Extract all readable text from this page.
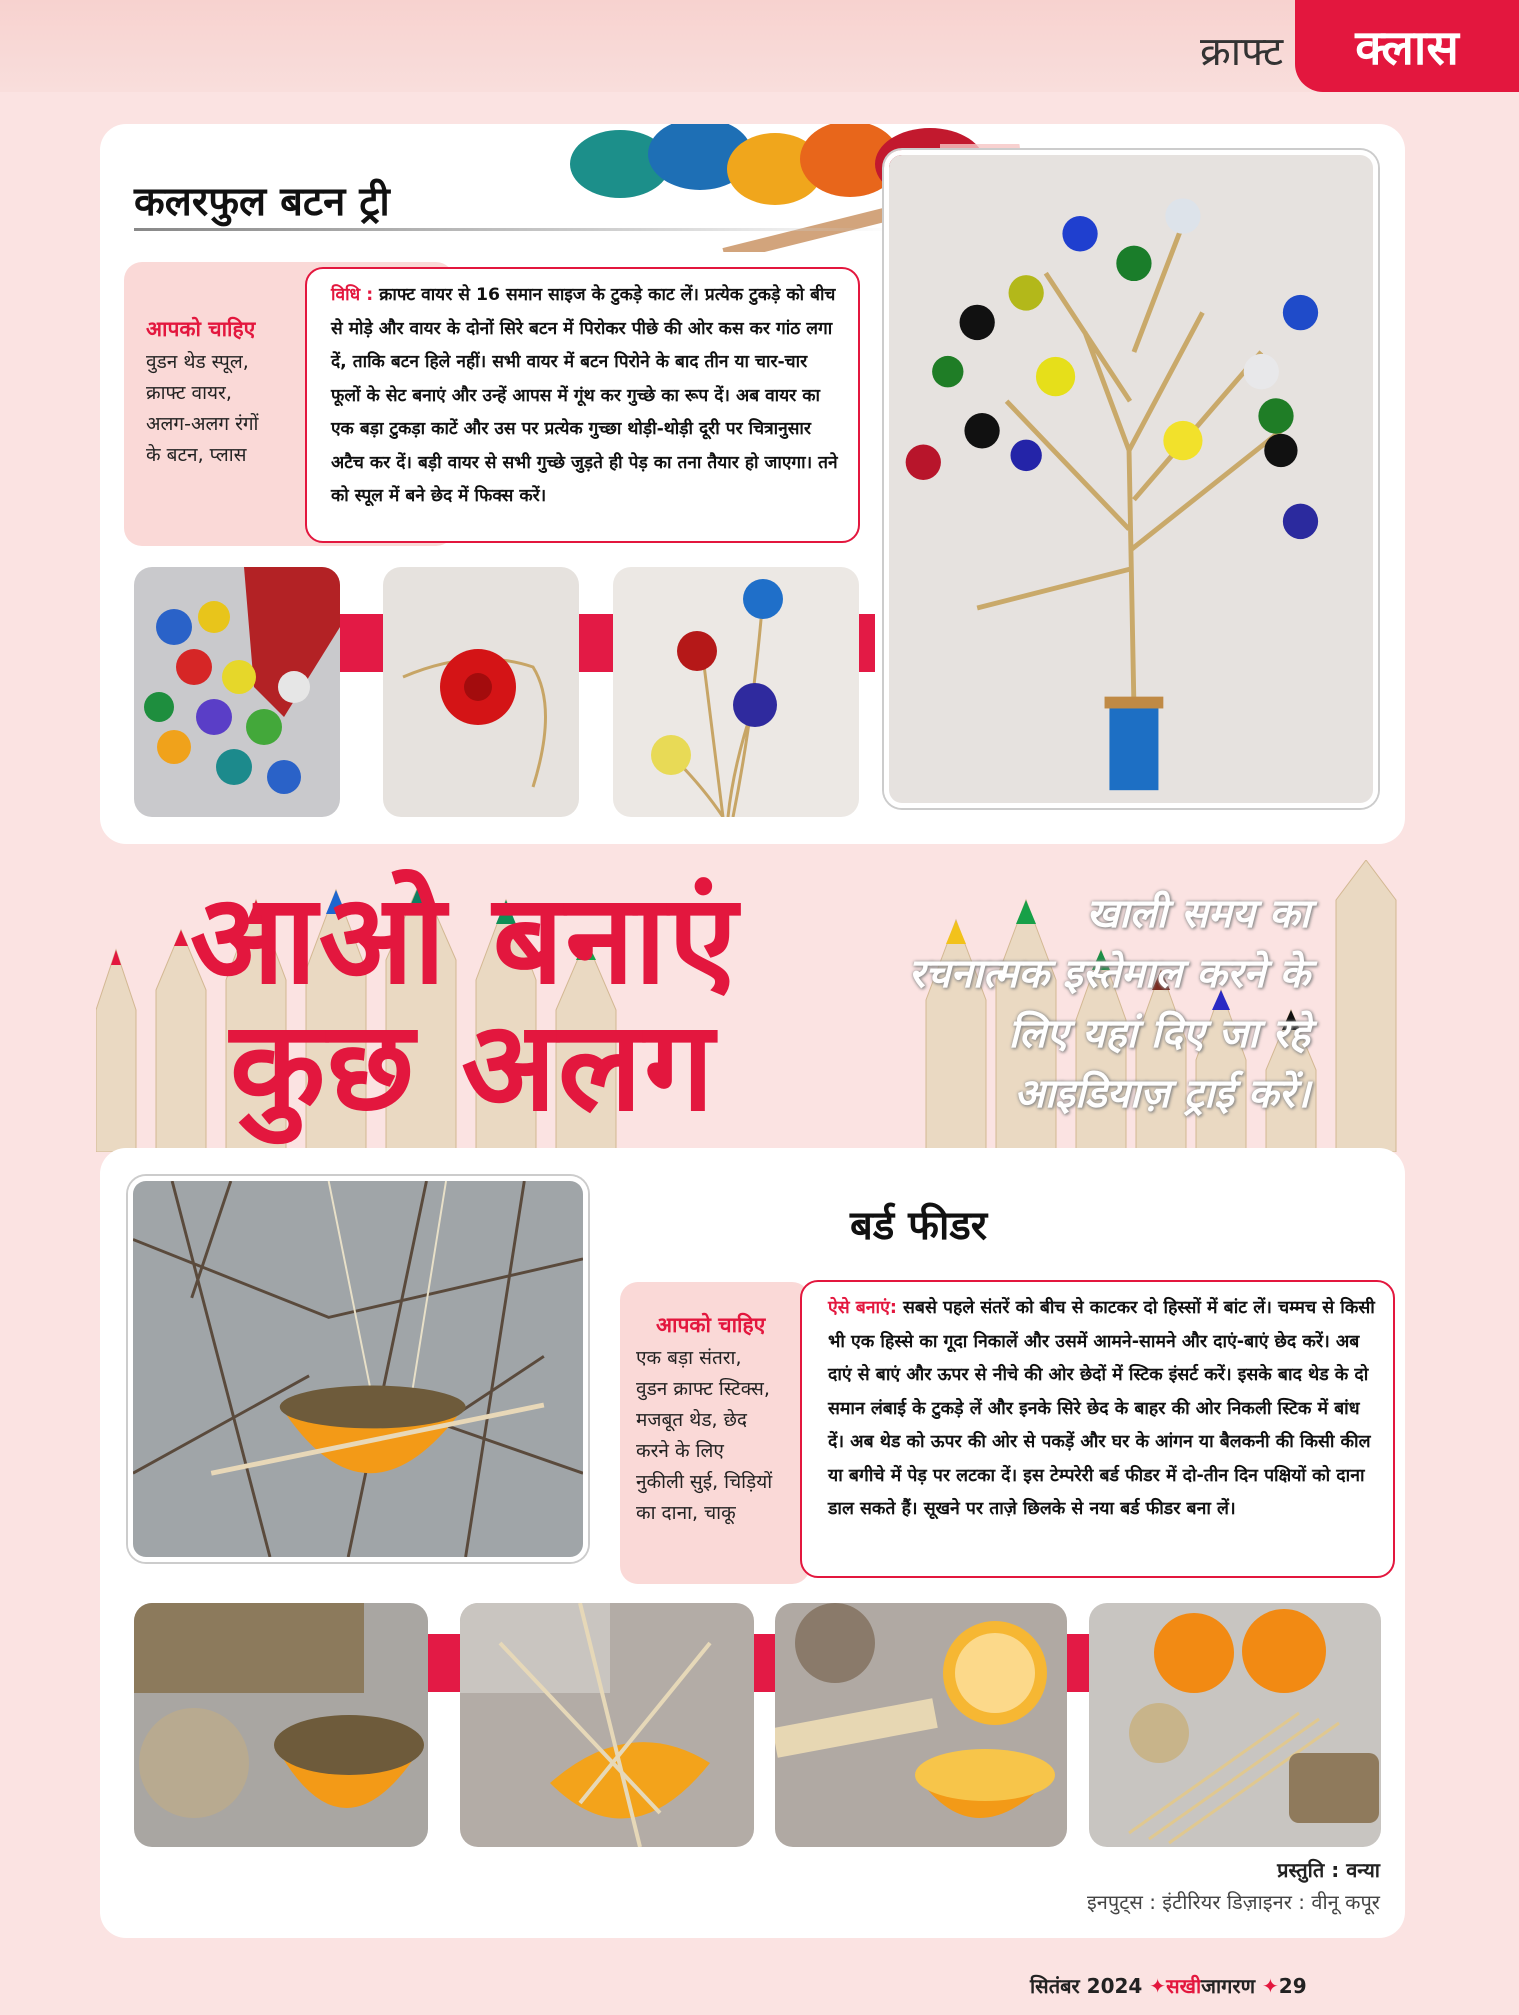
क्राफ्ट	क्लास
कलरफुल बटन ट्री
आपको चाहिए
वुडन थेड स्पूल,
क्राफ्ट वायर,
अलग-अलग रंगों
के बटन, प्लास
विधि : क्राफ्ट वायर से 16 समान साइज के टुकड़े काट लें। प्रत्येक टुकड़े को बीच से मोड़े और वायर के दोनों सिरे बटन में पिरोकर पीछे की ओर कस कर गांठ लगा दें, ताकि बटन हिले नहीं। सभी वायर में बटन पिरोने के बाद तीन या चार-चार फूलों के सेट बनाएं और उन्हें आपस में गूंथ कर गुच्छे का रूप दें। अब वायर का एक बड़ा टुकड़ा काटें और उस पर प्रत्येक गुच्छा थोड़ी-थोड़ी दूरी पर चित्रानुसार अटैच कर दें। बड़ी वायर से सभी गुच्छे जुड़ते ही पेड़ का तना तैयार हो जाएगा। तने को स्पूल में बने छेद में फिक्स करें।
आओ बनाएं
कुछ अलग
खाली समय का
रचनात्मक इस्तेमाल करने के
लिए यहां दिए जा रहे
आइडियाज़ ट्राई करें।
बर्ड फीडर
आपको चाहिए
एक बड़ा संतरा,
वुडन क्राफ्ट स्टिक्स,
मजबूत थेड, छेद
करने के लिए
नुकीली सुई, चिड़ियों
का दाना, चाकू
ऐसे बनाएं: सबसे पहले संतरें को बीच से काटकर दो हिस्सों में बांट लें। चम्मच से किसी भी एक हिस्से का गूदा निकालें और उसमें आमने-सामने और दाएं-बाएं छेद करें। अब दाएं से बाएं और ऊपर से नीचे की ओर छेदों में स्टिक इंसर्ट करें। इसके बाद थेड के दो समान लंबाई के टुकड़े लें और इनके सिरे छेद के बाहर की ओर निकली स्टिक में बांध दें। अब थेड को ऊपर की ओर से पकड़ें और घर के आंगन या बैलकनी की किसी कील या बगीचे में पेड़ पर लटका दें। इस टेम्परेरी बर्ड फीडर में दो-तीन दिन पक्षियों को दाना डाल सकते हैं। सूखने पर ताज़े छिलके से नया बर्ड फीडर बना लें।
प्रस्तुति : वन्या
इनपुट्स : इंटीरियर डिज़ाइनर : वीनू कपूर
सितंबर 2024 ✦सखीजागरण ✦29
